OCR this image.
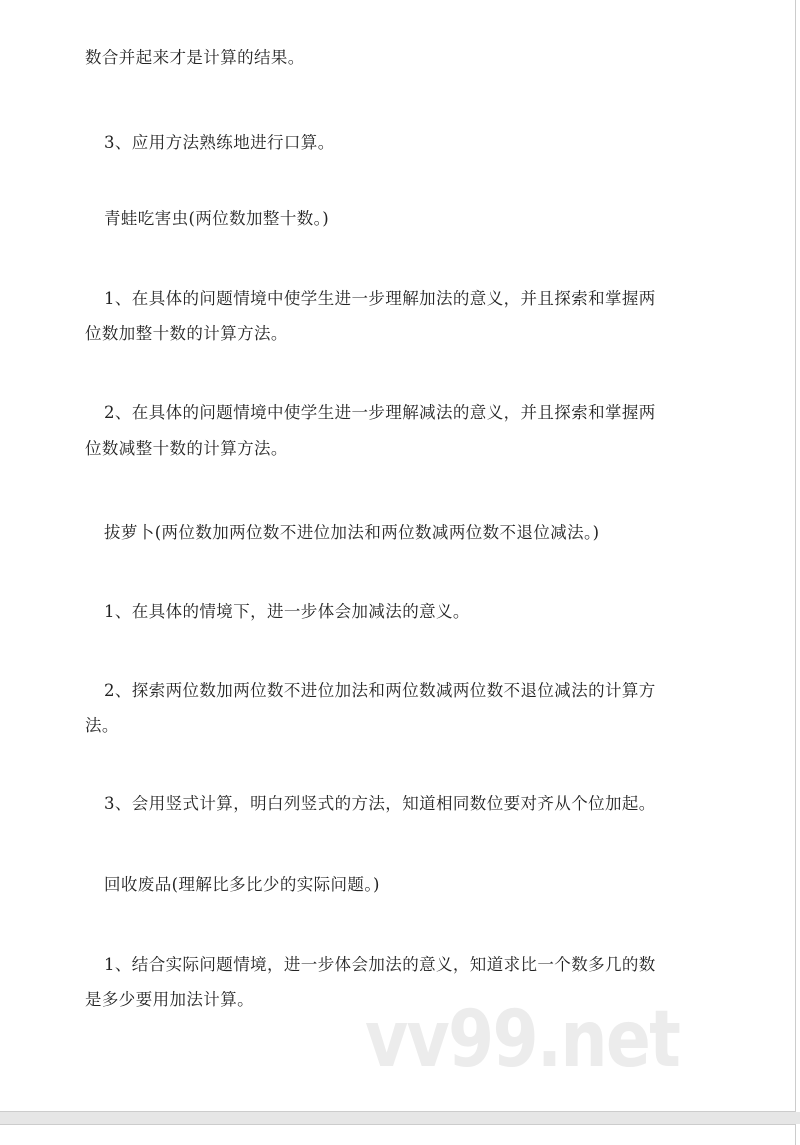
数合并起来才是计算的结果。
3、应用方法熟练地进行口算。
青蛙吃害虫(两位数加整十数。)
1、在具体的问题情境中使学生进一步理解加法的意义，并且探索和掌握两
位数加整十数的计算方法。
2、在具体的问题情境中使学生进一步理解减法的意义，并且探索和掌握两
位数减整十数的计算方法。
拔萝卜(两位数加两位数不进位加法和两位数减两位数不退位减法。)
1、在具体的情境下，进一步体会加减法的意义。
2、探索两位数加两位数不进位加法和两位数减两位数不退位减法的计算方
法。
3、会用竖式计算，明白列竖式的方法，知道相同数位要对齐从个位加起。
回收废品(理解比多比少的实际问题。)
1、结合实际问题情境，进一步体会加法的意义，知道求比一个数多几的数
是多少要用加法计算。 vv99.net
